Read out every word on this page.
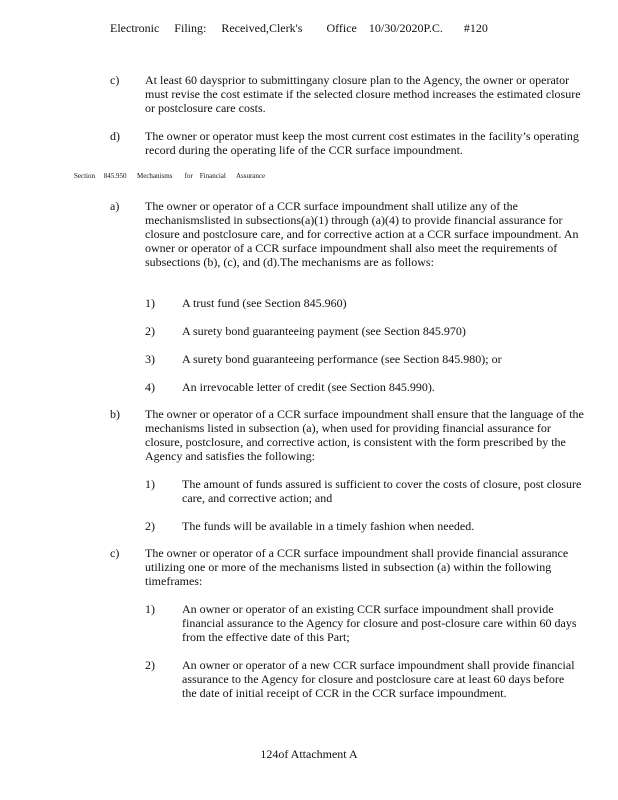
Electronic     Filing:     Received,Clerk's        Office    10/30/2020P.C.       #120
c) At least 60 daysprior to submittingany closure plan to the Agency, the owner or operator must revise the cost estimate if the selected closure method increases the estimated closure or postclosure care costs.
d) The owner or operator must keep the most current cost estimates in the facility’s operating record during the operating life of the CCR surface impoundment.
Section     845.950      Mechanisms       for    Financial      Assurance
a) The owner or operator of a CCR surface impoundment shall utilize any of the mechanismslisted in subsections(a)(1) through (a)(4) to provide financial assurance for closure and postclosure care, and for corrective action at a CCR surface impoundment. An owner or operator of a CCR surface impoundment shall also meet the requirements of subsections (b), (c), and (d).The mechanisms are as follows:
1) A trust fund (see Section 845.960)
2) A surety bond guaranteeing payment (see Section 845.970)
3) A surety bond guaranteeing performance (see Section 845.980); or
4) An irrevocable letter of credit (see Section 845.990).
b) The owner or operator of a CCR surface impoundment shall ensure that the language of the mechanisms listed in subsection (a), when used for providing financial assurance for closure, postclosure, and corrective action, is consistent with the form prescribed by the Agency and satisfies the following:
1) The amount of funds assured is sufficient to cover the costs of closure, post closure care, and corrective action; and
2) The funds will be available in a timely fashion when needed.
c) The owner or operator of a CCR surface impoundment shall provide financial assurance utilizing one or more of the mechanisms listed in subsection (a) within the following timeframes:
1) An owner or operator of an existing CCR surface impoundment shall provide financial assurance to the Agency for closure and post-closure care within 60 days from the effective date of this Part;
2) An owner or operator of a new CCR surface impoundment shall provide financial assurance to the Agency for closure and postclosure care at least 60 days before the date of initial receipt of CCR in the CCR surface impoundment.
124of Attachment A
